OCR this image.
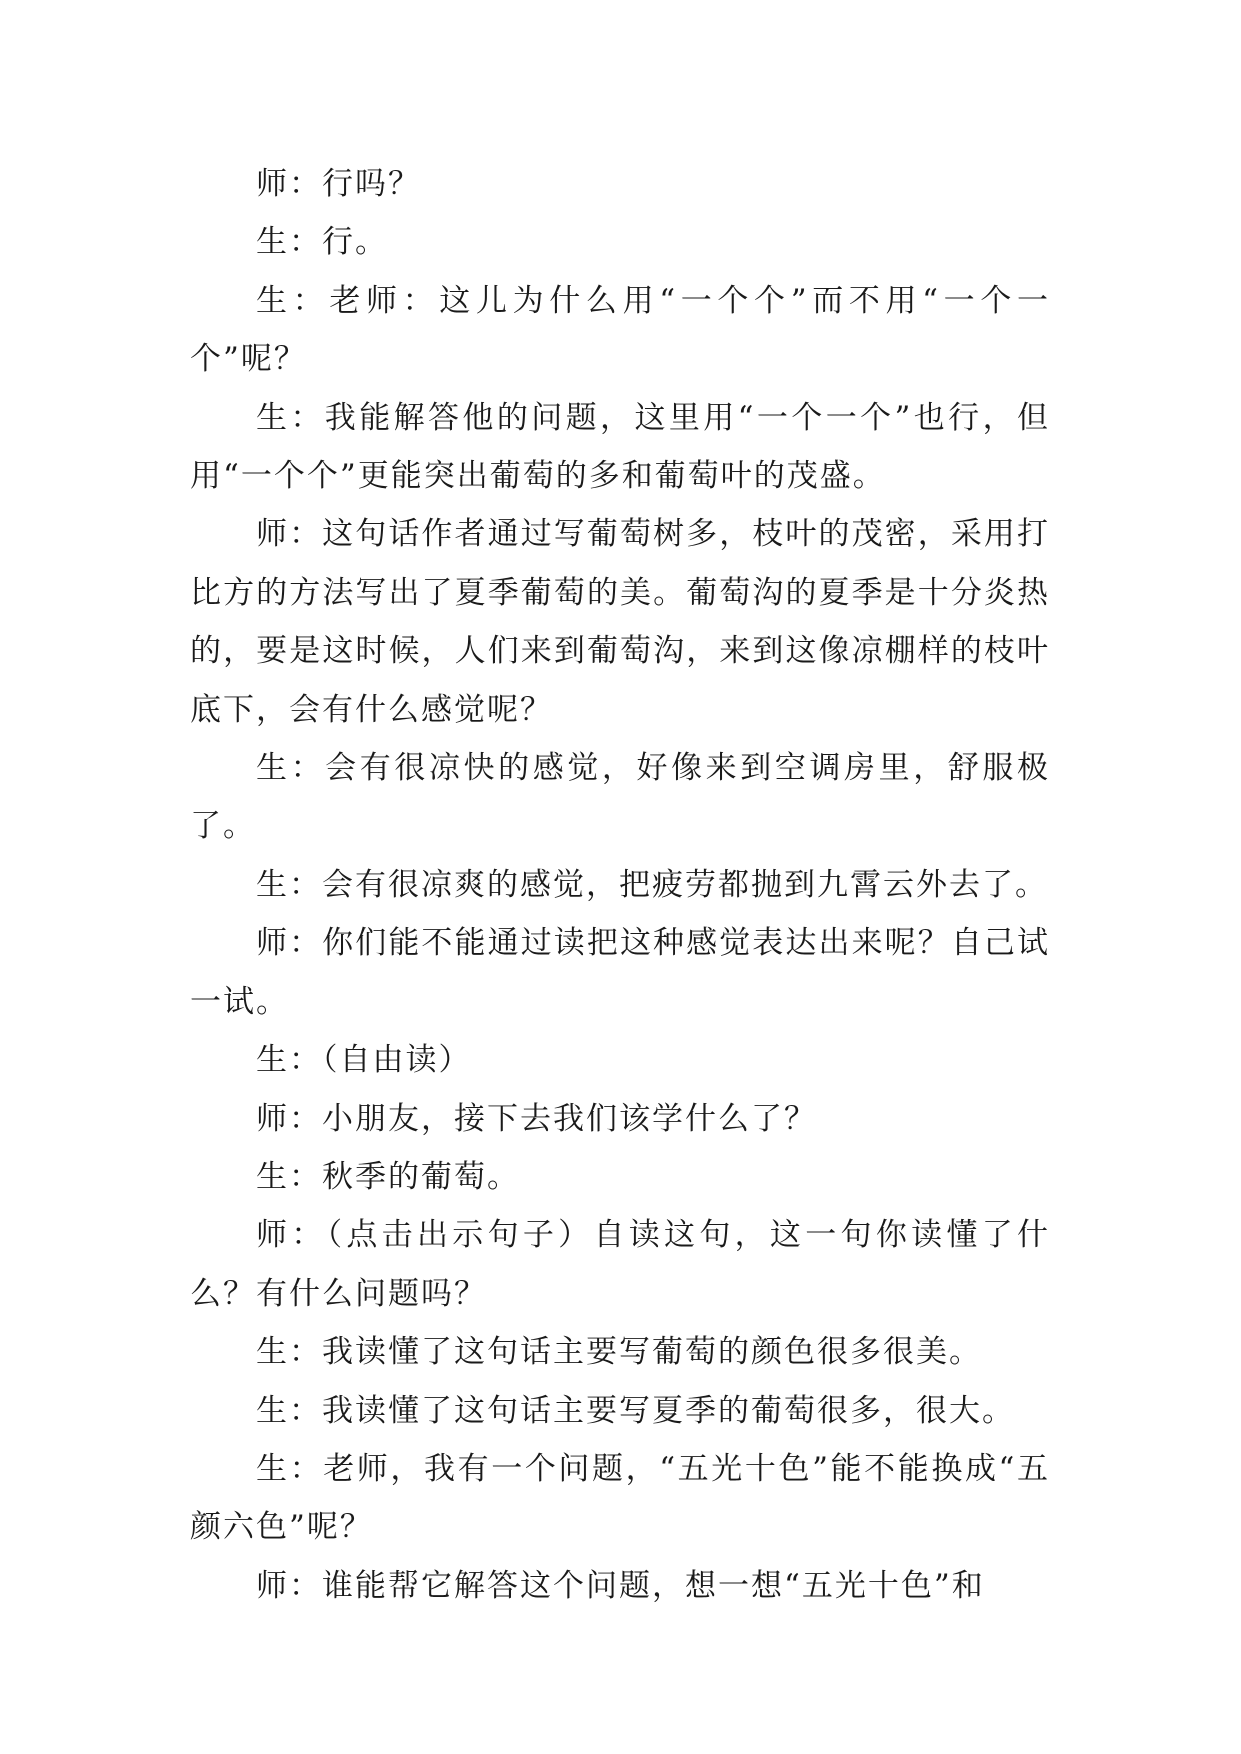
师：行吗？

生：行。

生：老师：这儿为什么用“一个个”而不用“一个一个”呢？

生：我能解答他的问题，这里用“一个一个”也行，但用“一个个”更能突出葡萄的多和葡萄叶的茂盛。

师：这句话作者通过写葡萄树多，枝叶的茂密，采用打比方的方法写出了夏季葡萄的美。葡萄沟的夏季是十分炎热的，要是这时候，人们来到葡萄沟，来到这像凉棚样的枝叶底下，会有什么感觉呢？

生：会有很凉快的感觉，好像来到空调房里，舒服极了。

生：会有很凉爽的感觉，把疲劳都抛到九霄云外去了。

师：你们能不能通过读把这种感觉表达出来呢？自己试一试。

生：（自由读）

师：小朋友，接下去我们该学什么了？

生：秋季的葡萄。

师：（点击出示句子）自读这句，这一句你读懂了什么？有什么问题吗？

生：我读懂了这句话主要写葡萄的颜色很多很美。

生：我读懂了这句话主要写夏季的葡萄很多，很大。

生：老师，我有一个问题，“五光十色”能不能换成“五颜六色”呢？

师：谁能帮它解答这个问题，想一想“五光十色”和
